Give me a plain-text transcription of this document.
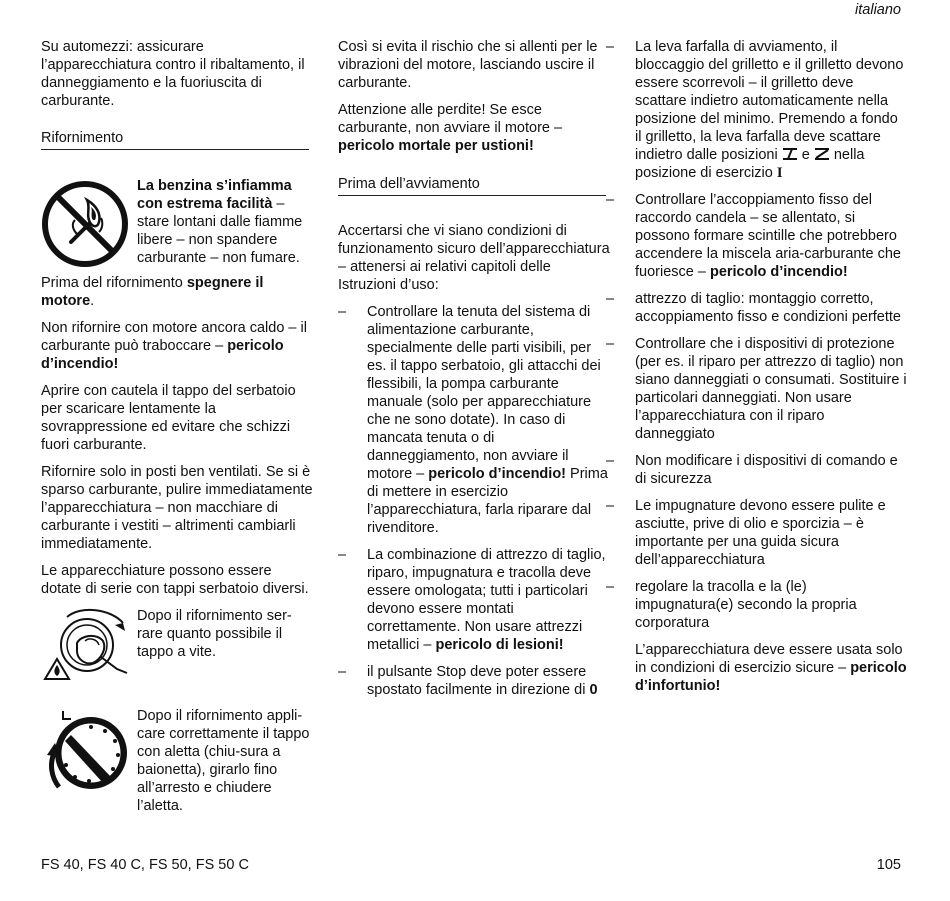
italiano

Su automezzi: assicurare l’apparecchiatura contro il ribaltamento, il danneggiamento e la fuoriuscita di carburante.

Rifornimento
La benzina s’infiamma con estrema facilità – stare lontani dalle fiamme libere – non spandere carburante – non fumare.

Prima del rifornimento spegnere il motore.

Non rifornire con motore ancora caldo – il carburante può traboccare – pericolo d’incendio!

Aprire con cautela il tappo del serbatoio per scaricare lentamente la sovrappressione ed evitare che schizzi fuori carburante.

Rifornire solo in posti ben ventilati. Se si è sparso carburante, pulire immediatamente l’apparecchiatura – non macchiare di carburante i vestiti – altrimenti cambiarli immediatamente.

Le apparecchiature possono essere dotate di serie con tappi serbatoio diversi.

Dopo il rifornimento ser-rare quanto possibile il tappo a vite.
Dopo il rifornimento appli-care correttamente il tappo con aletta (chiu-sura a baionetta), girarlo fino all’arresto e chiudere l’aletta.

Così si evita il rischio che si allenti per le vibrazioni del motore, lasciando uscire il carburante.

Attenzione alle perdite! Se esce carburante, non avviare il motore – pericolo mortale per ustioni!

Prima dell’avviamento

Accertarsi che vi siano condizioni di funzionamento sicuro dell’apparecchiatura – attenersi ai relativi capitoli delle Istruzioni d’uso:

– Controllare la tenuta del sistema di alimentazione carburante, specialmente delle parti visibili, per es. il tappo serbatoio, gli attacchi dei flessibili, la pompa carburante manuale (solo per apparecchiature che ne sono dotate). In caso di mancata tenuta o di danneggiamento, non avviare il motore – pericolo d’incendio! Prima di mettere in esercizio l’apparecchiatura, farla riparare dal rivenditore.
– La combinazione di attrezzo di taglio, riparo, impugnatura e tracolla deve essere omologata; tutti i particolari devono essere montati correttamente. Non usare attrezzi metallici – pericolo di lesioni!
– il pulsante Stop deve poter essere spostato facilmente in direzione di 0
– La leva farfalla di avviamento, il bloccaggio del grilletto e il grilletto devono essere scorrevoli – il grilletto deve scattare indietro automaticamente nella posizione del minimo. Premendo a fondo il grilletto, la leva farfalla deve scattare indietro dalle posizioni  e  nella posizione di esercizio I
– Controllare l’accoppiamento fisso del raccordo candela – se allentato, si possono formare scintille che potrebbero accendere la miscela aria-carburante che fuoriesce – pericolo d’incendio!
– attrezzo di taglio: montaggio corretto, accoppiamento fisso e condizioni perfette
– Controllare che i dispositivi di protezione (per es. il riparo per attrezzo di taglio) non siano danneggiati o consumati. Sostituire i particolari danneggiati. Non usare l’apparecchiatura con il riparo danneggiato
– Non modificare i dispositivi di comando e di sicurezza
– Le impugnature devono essere pulite e asciutte, prive di olio e sporcizia – è importante per una guida sicura dell’apparecchiatura
– regolare la tracolla e la (le) impugnatura(e) secondo la propria corporatura

L’apparecchiatura deve essere usata solo in condizioni di esercizio sicure – pericolo d’infortunio!

FS 40, FS 40 C, FS 50, FS 50 C	105
